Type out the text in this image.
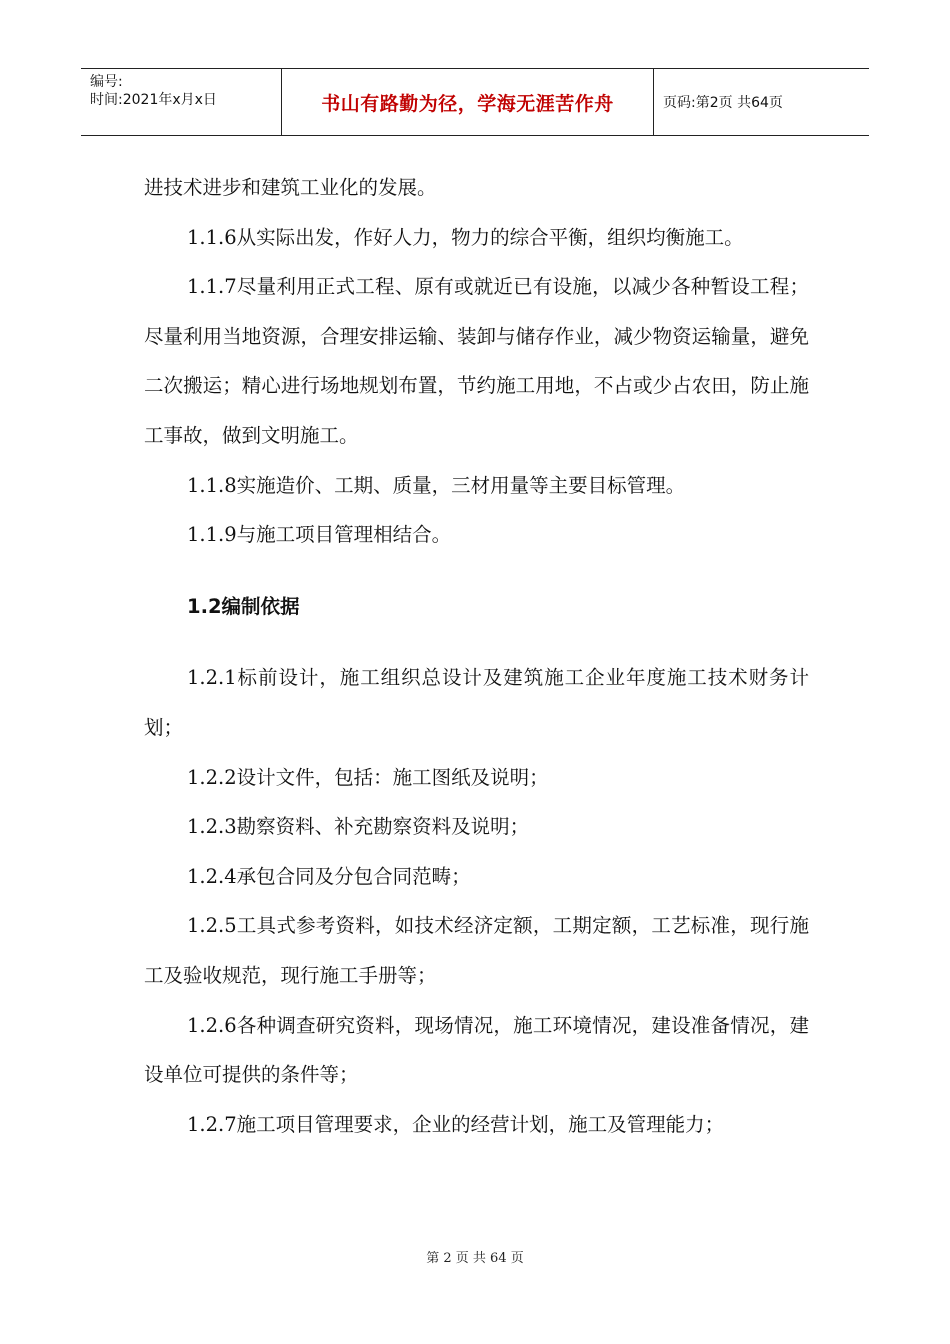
编号:
时间:2021年x月x日	书山有路勤为径，学海无涯苦作舟	页码:第2页 共64页

进技术进步和建筑工业化的发展。

1.1.6从实际出发，作好人力，物力的综合平衡，组织均衡施工。

1.1.7尽量利用正式工程、原有或就近已有设施，以减少各种暂设工程；尽量利用当地资源，合理安排运输、装卸与储存作业，减少物资运输量，避免二次搬运；精心进行场地规划布置，节约施工用地，不占或少占农田，防止施工事故，做到文明施工。

1.1.8实施造价、工期、质量，三材用量等主要目标管理。

1.1.9与施工项目管理相结合。

1.2编制依据

1.2.1标前设计，施工组织总设计及建筑施工企业年度施工技术财务计划；

1.2.2设计文件，包括：施工图纸及说明；

1.2.3勘察资料、补充勘察资料及说明；

1.2.4承包合同及分包合同范畴；

1.2.5工具式参考资料，如技术经济定额，工期定额，工艺标准，现行施工及验收规范，现行施工手册等；

1.2.6各种调查研究资料，现场情况，施工环境情况，建设准备情况，建设单位可提供的条件等；

1.2.7施工项目管理要求，企业的经营计划，施工及管理能力；

第 2 页 共 64 页
